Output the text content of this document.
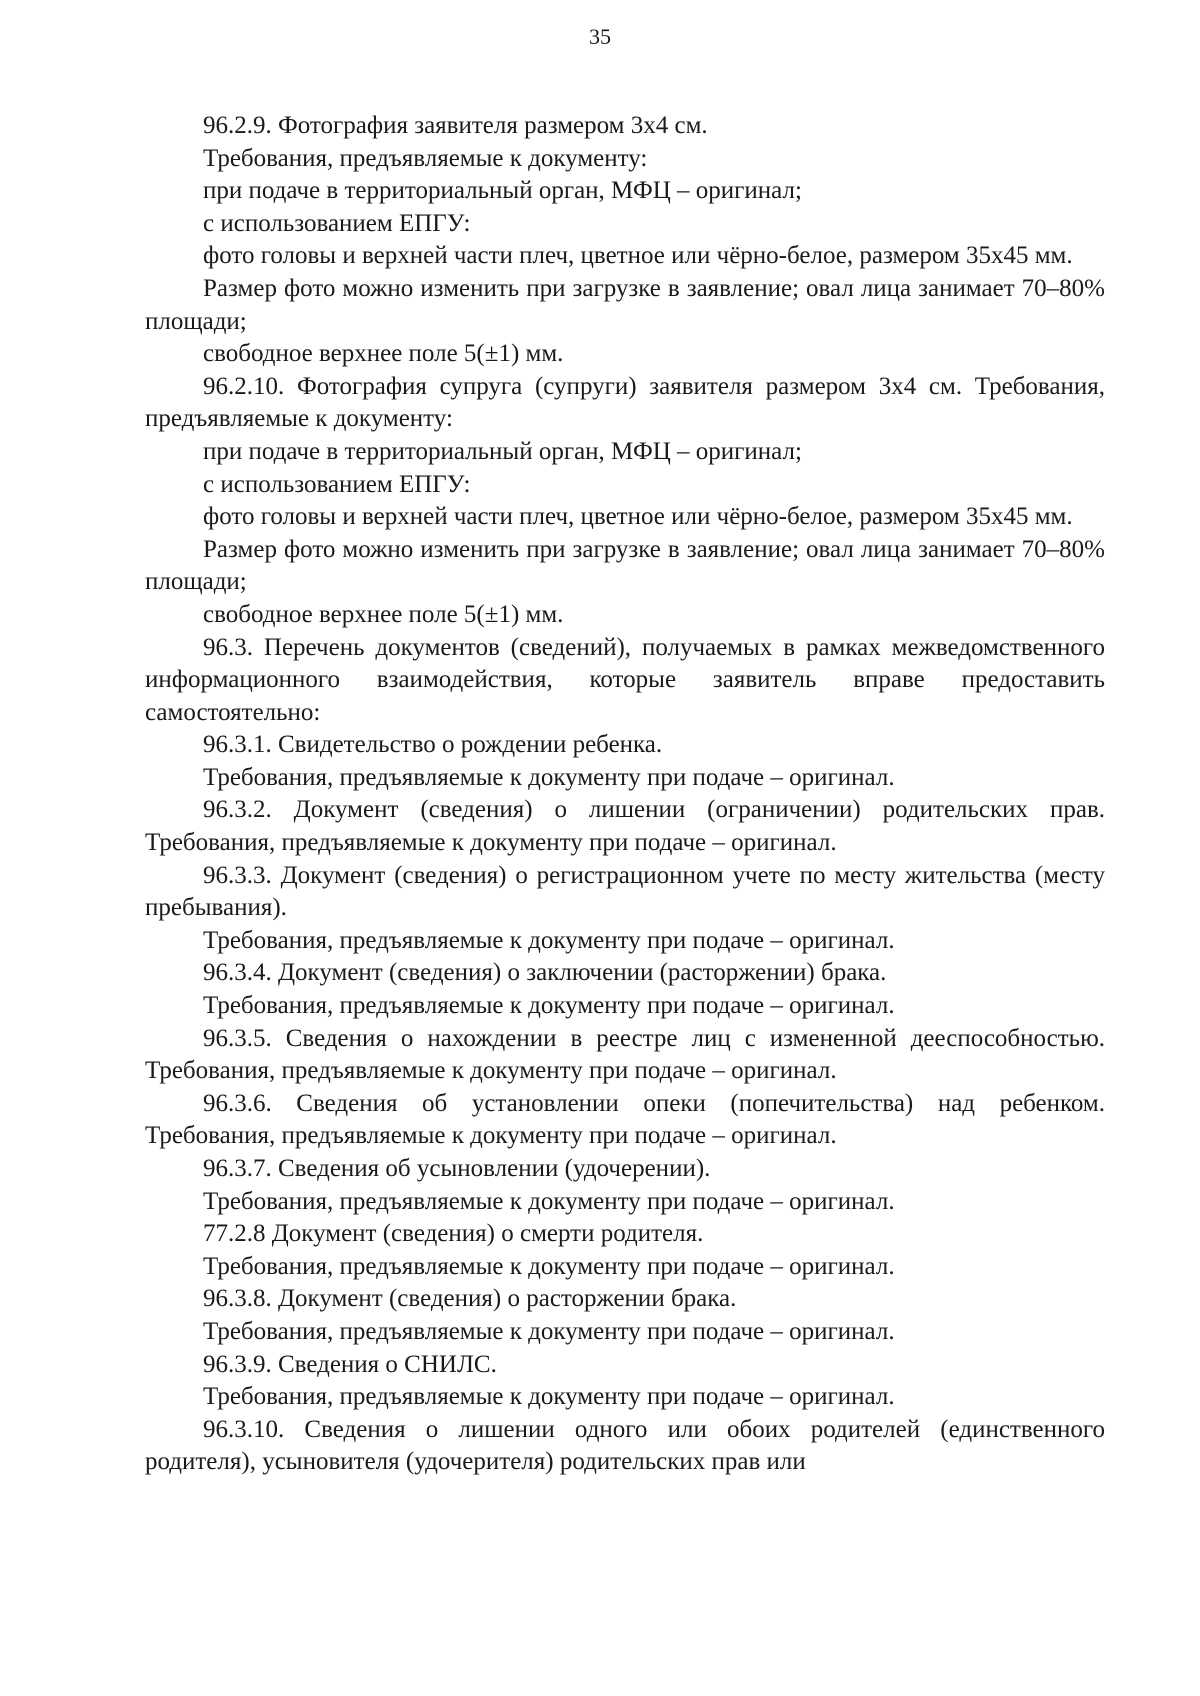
35

96.2.9. Фотография заявителя размером 3х4 см.

Требования, предъявляемые к документу:

при подаче в территориальный орган, МФЦ – оригинал;

с использованием ЕПГУ:

фото головы и верхней части плеч, цветное или чёрно-белое, размером 35х45 мм.

Размер фото можно изменить при загрузке в заявление; овал лица занимает 70–80% площади;

свободное верхнее поле 5(±1) мм.

96.2.10. Фотография супруга (супруги) заявителя размером 3х4 см. Требования, предъявляемые к документу:

при подаче в территориальный орган, МФЦ – оригинал;

с использованием ЕПГУ:

фото головы и верхней части плеч, цветное или чёрно-белое, размером 35х45 мм.

Размер фото можно изменить при загрузке в заявление; овал лица занимает 70–80% площади;

свободное верхнее поле 5(±1) мм.

96.3. Перечень документов (сведений), получаемых в рамках межведомственного информационного взаимодействия, которые заявитель вправе предоставить самостоятельно:

96.3.1. Свидетельство о рождении ребенка.

Требования, предъявляемые к документу при подаче – оригинал.

96.3.2. Документ (сведения) о лишении (ограничении) родительских прав. Требования, предъявляемые к документу при подаче – оригинал.

96.3.3. Документ (сведения) о регистрационном учете по месту жительства (месту пребывания).

Требования, предъявляемые к документу при подаче – оригинал.

96.3.4. Документ (сведения) о заключении (расторжении) брака.

Требования, предъявляемые к документу при подаче – оригинал.

96.3.5. Сведения о нахождении в реестре лиц с измененной дееспособностью. Требования, предъявляемые к документу при подаче – оригинал.

96.3.6. Сведения об установлении опеки (попечительства) над ребенком. Требования, предъявляемые к документу при подаче – оригинал.

96.3.7. Сведения об усыновлении (удочерении).

Требования, предъявляемые к документу при подаче – оригинал.

77.2.8 Документ (сведения) о смерти родителя.

Требования, предъявляемые к документу при подаче – оригинал.

96.3.8. Документ (сведения) о расторжении брака.

Требования, предъявляемые к документу при подаче – оригинал.

96.3.9. Сведения о СНИЛС.

Требования, предъявляемые к документу при подаче – оригинал.

96.3.10. Сведения о лишении одного или обоих родителей (единственного родителя), усыновителя (удочерителя) родительских прав или
